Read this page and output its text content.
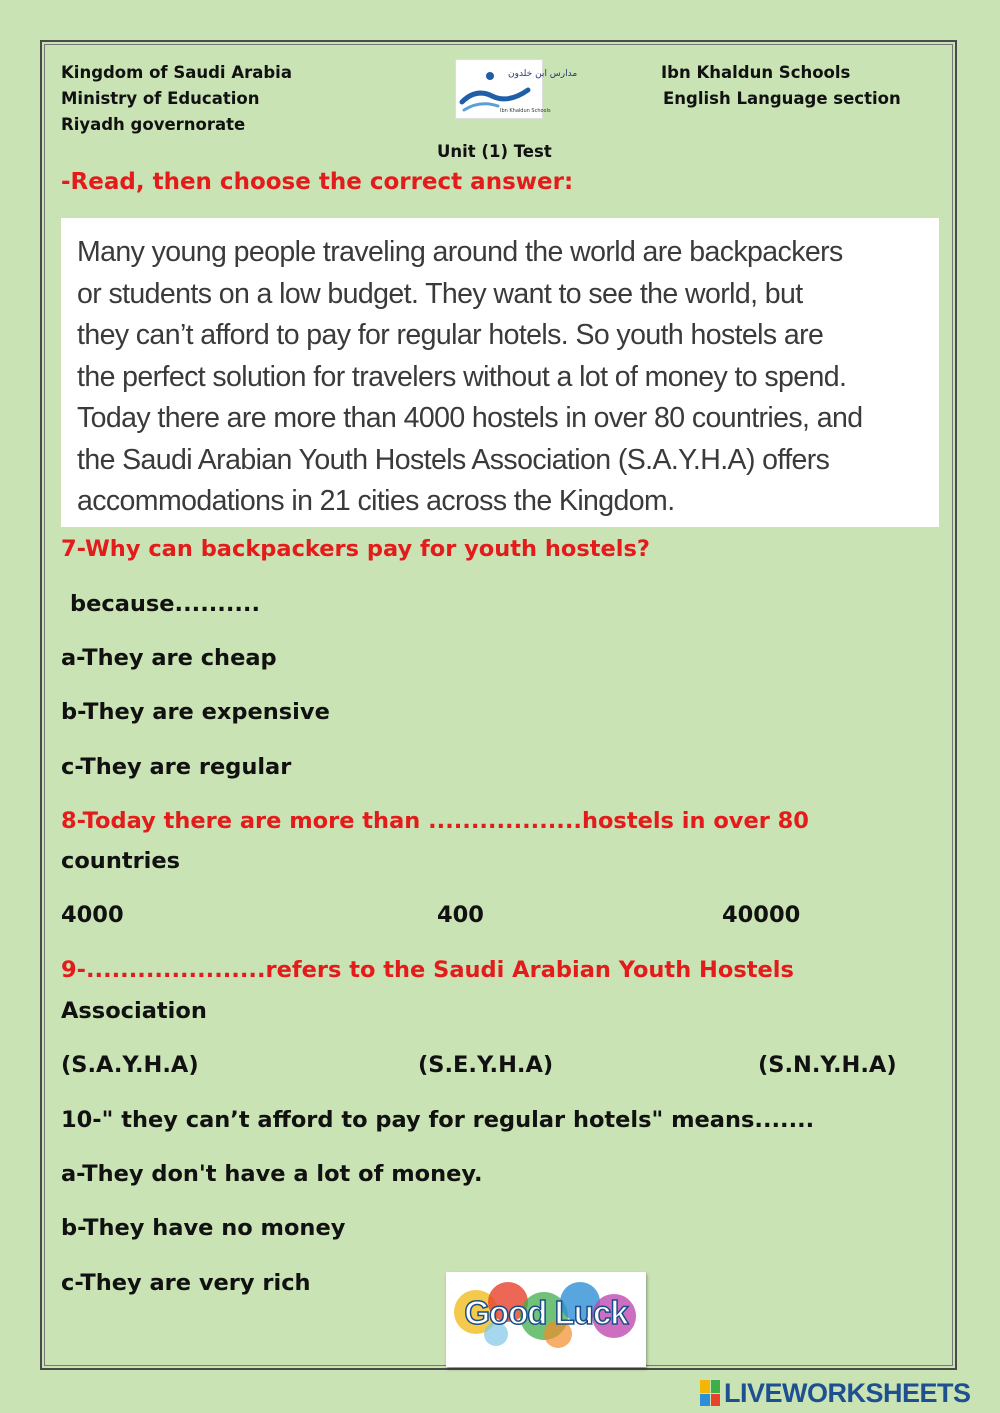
Kingdom of Saudi Arabia
Ministry of Education
Riyadh governorate
مدارس ابن خلدون
Ibn Khaldun Schools
Ibn Khaldun Schools
English Language section
Unit (1) Test
-Read, then choose the correct answer:
Many young people traveling around the world are backpackers
or students on a low budget. They want to see the world, but
they can’t afford to pay for regular hotels. So youth hostels are
the perfect solution for travelers without a lot of money to spend.
Today there are more than 4000 hostels in over 80 countries, and
the Saudi Arabian Youth Hostels Association (S.A.Y.H.A) offers
accommodations in 21 cities across the Kingdom.
7-Why can backpackers pay for youth hostels?
because..........
a-They are cheap
b-They are expensive
c-They are regular
8-Today there are more than ..................hostels in over 80
countries
4000	400	40000
9-.....................refers to the Saudi Arabian Youth Hostels
Association
(S.A.Y.H.A)	(S.E.Y.H.A)	(S.N.Y.H.A)
10-" they can’t afford to pay for regular hotels" means.......
a-They don't have a lot of money.
b-They have no money
c-They are very rich
Good Luck
LIVEWORKSHEETS
